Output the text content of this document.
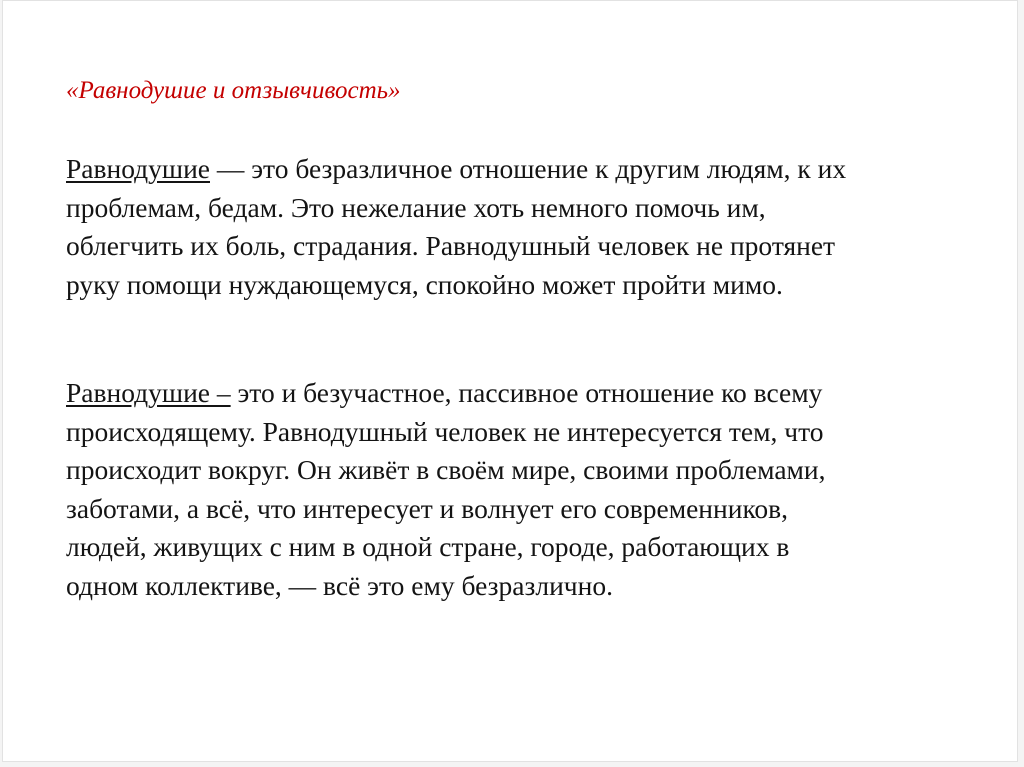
«Равнодушие и отзывчивость»
Равнодушие — это безразличное отношение к другим людям, к их
проблемам, бедам. Это нежелание хоть немного помочь им,
облегчить их боль, страдания. Равнодушный человек не протянет
руку помощи нуждающемуся, спокойно может пройти мимо.
Равнодушие – это и безучастное, пассивное отношение ко всему
происходящему. Равнодушный человек не интересуется тем, что
происходит вокруг. Он живёт в своём мире, своими проблемами,
заботами, а всё, что интересует и волнует его современников,
людей, живущих с ним в одной стране, городе, работающих в
одном коллективе, — всё это ему безразлично.
